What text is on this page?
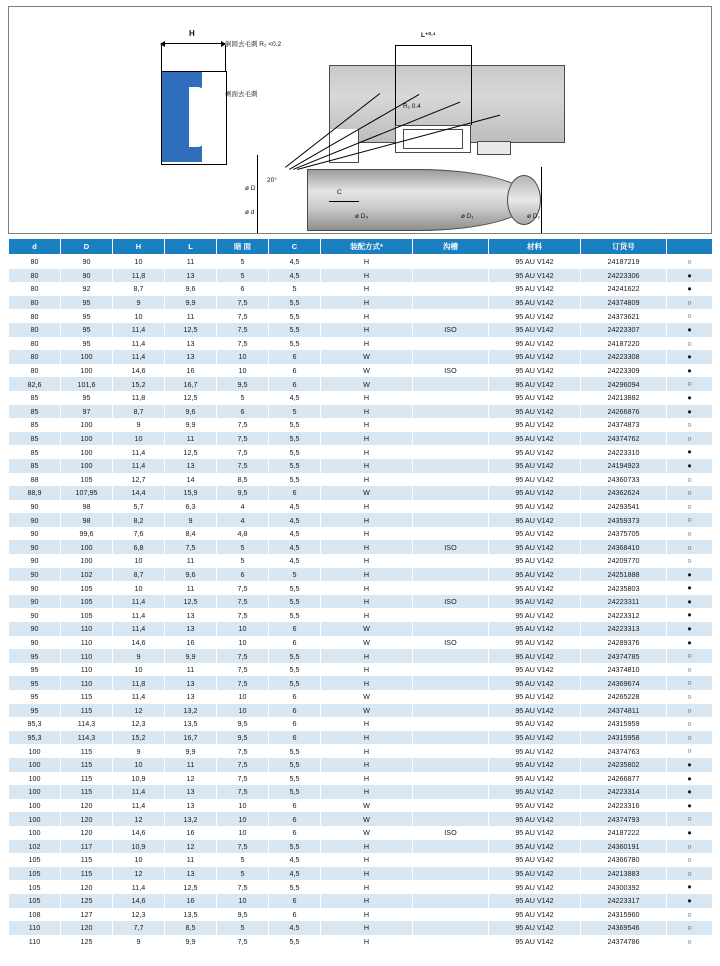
H	L⁺⁰·²
C
R₁ 0.4
20°
ø D
ø d
ø D₃	ø D₁	ø D₂
倒圆去毛刺 R₂ <0.2
侧面去毛刺
d	D	H	L	暗 面	C	装配方式*	沟槽	材料	订货号	
80	90	10	11	5	4,5	H		95 AU V142	24187219	○
80	90	11,8	13	5	4,5	H		95 AU V142	24223306	●
80	92	8,7	9,6	6	5	H		95 AU V142	24241622	●
80	95	9	9,9	7,5	5,5	H		95 AU V142	24374809	○
80	95	10	11	7,5	5,5	H		95 AU V142	24373621	○
80	95	11,4	12,5	7,5	5,5	H	ISO	95 AU V142	24223307	●
80	95	11,4	13	7,5	5,5	H		95 AU V142	24187220	○
80	100	11,4	13	10	6	W		95 AU V142	24223308	●
80	100	14,6	16	10	6	W	ISO	95 AU V142	24223309	●
82,6	101,6	15,2	16,7	9,5	6	W		95 AU V142	24296094	○
85	95	11,8	12,5	5	4,5	H		95 AU V142	24213882	●
85	97	8,7	9,6	6	5	H		95 AU V142	24266876	●
85	100	9	9,9	7,5	5,5	H		95 AU V142	24374873	○
85	100	10	11	7,5	5,5	H		95 AU V142	24374762	○
85	100	11,4	12,5	7,5	5,5	H		95 AU V142	24223310	●
85	100	11,4	13	7,5	5,5	H		95 AU V142	24194923	●
88	105	12,7	14	8,5	5,5	H		95 AU V142	24360733	○
88,9	107,95	14,4	15,9	9,5	6	W		95 AU V142	24362624	○
90	98	5,7	6,3	4	4,5	H		95 AU V142	24293541	○
90	98	8,2	9	4	4,5	H		95 AU V142	24359373	○
90	99,6	7,6	8,4	4,8	4,5	H		95 AU V142	24375705	○
90	100	6,8	7,5	5	4,5	H	ISO	95 AU V142	24368410	○
90	100	10	11	5	4,5	H		95 AU V142	24209770	○
90	102	8,7	9,6	6	5	H		95 AU V142	24251888	●
90	105	10	11	7,5	5,5	H		95 AU V142	24235803	●
90	105	11,4	12,5	7,5	5,5	H	ISO	95 AU V142	24223311	●
90	105	11,4	13	7,5	5,5	H		95 AU V142	24223312	●
90	110	11,4	13	10	6	W		95 AU V142	24223313	●
90	110	14,6	16	10	6	W	ISO	95 AU V142	24289376	●
95	110	9	9,9	7,5	5,5	H		95 AU V142	24374785	○
95	110	10	11	7,5	5,5	H		95 AU V142	24374810	○
95	110	11,8	13	7,5	5,5	H		95 AU V142	24369674	○
95	115	11,4	13	10	6	W		95 AU V142	24265228	○
95	115	12	13,2	10	6	W		95 AU V142	24374811	○
95,3	114,3	12,3	13,5	9,5	6	H		95 AU V142	24315959	○
95,3	114,3	15,2	16,7	9,5	6	H		95 AU V142	24315958	○
100	115	9	9,9	7,5	5,5	H		95 AU V142	24374763	○
100	115	10	11	7,5	5,5	H		95 AU V142	24235802	●
100	115	10,9	12	7,5	5,5	H		95 AU V142	24266877	●
100	115	11,4	13	7,5	5,5	H		95 AU V142	24223314	●
100	120	11,4	13	10	6	W		95 AU V142	24223316	●
100	120	12	13,2	10	6	W		95 AU V142	24374793	○
100	120	14,6	16	10	6	W	ISO	95 AU V142	24187222	●
102	117	10,9	12	7,5	5,5	H		95 AU V142	24360191	○
105	115	10	11	5	4,5	H		95 AU V142	24366780	○
105	115	12	13	5	4,5	H		95 AU V142	24213883	○
105	120	11,4	12,5	7,5	5,5	H		95 AU V142	24300392	●
105	125	14,6	16	10	6	H		95 AU V142	24223317	●
108	127	12,3	13,5	9,5	6	H		95 AU V142	24315960	○
110	120	7,7	8,5	5	4,5	H		95 AU V142	24369546	○
110	125	9	9,9	7,5	5,5	H		95 AU V142	24374786	○
